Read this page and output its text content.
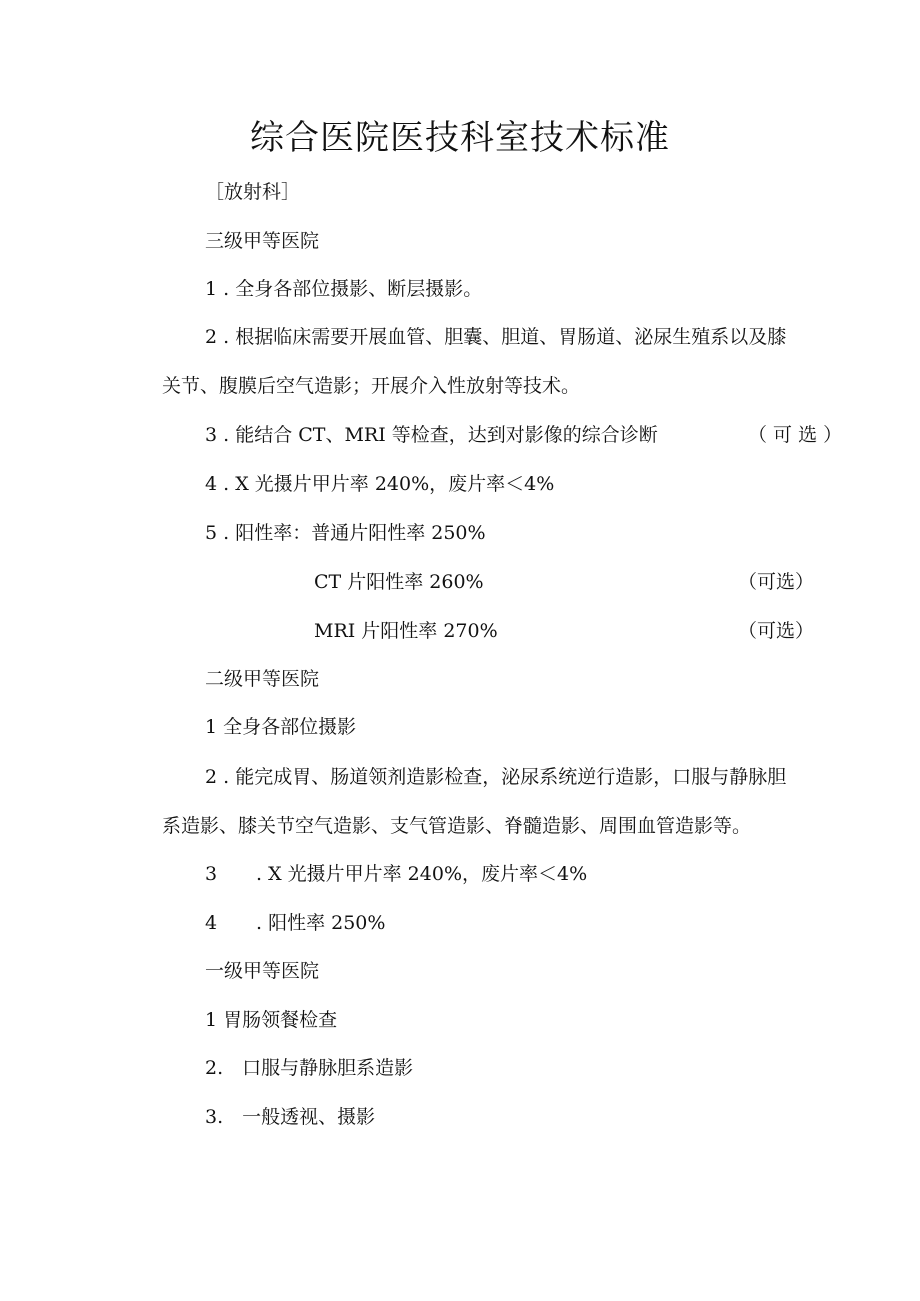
综合医院医技科室技术标准
［放射科］
三级甲等医院
1 . 全身各部位摄影、断层摄影。
2 . 根据临床需要开展血管、胆囊、胆道、胃肠道、泌尿生殖系以及膝
关节、腹膜后空气造影；开展介入性放射等技术。
3 . 能结合 CT、MRI 等检查，达到对影像的综合诊断	（ 可 选 ）
4 . X 光摄片甲片率 240%，废片率＜4%
5 . 阳性率：普通片阳性率 250%
CT 片阳性率 260%	（可选）
MRI 片阳性率 270%	（可选）
二级甲等医院
1 全身各部位摄影
2 . 能完成胃、肠道领剂造影检查，泌尿系统逆行造影，口服与静脉胆
系造影、膝关节空气造影、支气管造影、脊髓造影、周围血管造影等。
3 . X 光摄片甲片率 240%，废片率＜4%
4 . 阳性率 250%
一级甲等医院
1 胃肠领餐检查
2.　口服与静脉胆系造影
3.　一般透视、摄影
